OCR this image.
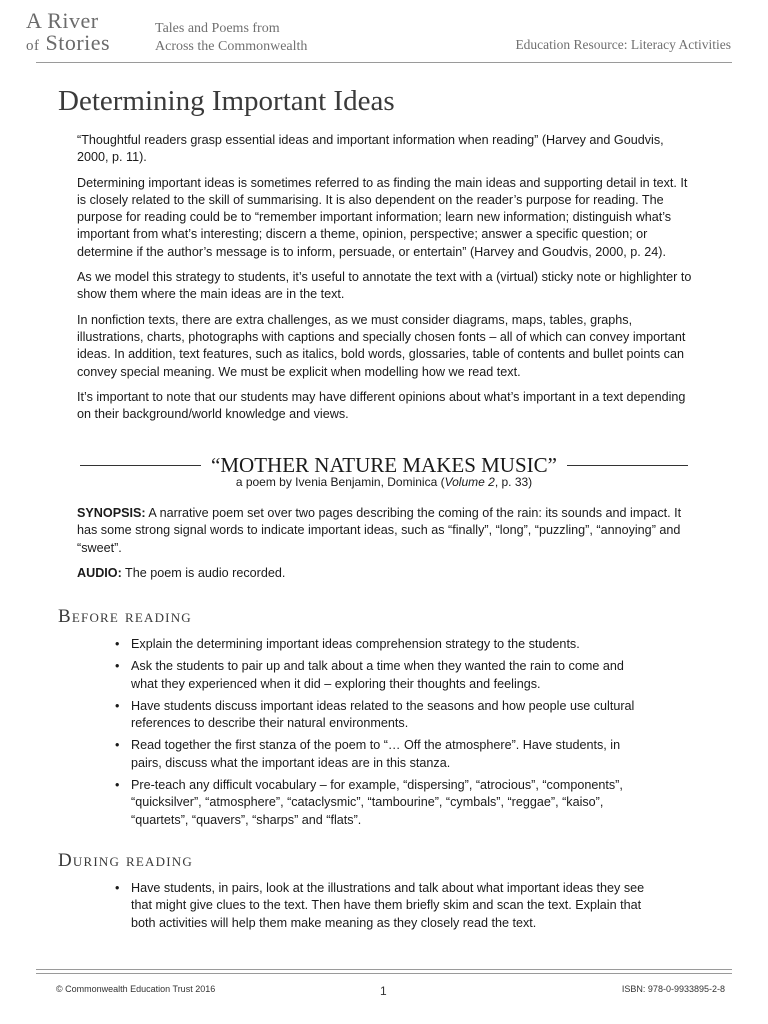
A River
of Stories
Tales and Poems from
Across the Commonwealth	Education Resource: Literacy Activities
Determining Important Ideas

“Thoughtful readers grasp essential ideas and important information when reading” (Harvey and Goudvis, 2000, p. 11).

Determining important ideas is sometimes referred to as finding the main ideas and supporting detail in text. It is closely related to the skill of summarising. It is also dependent on the reader’s purpose for reading. The purpose for reading could be to “remember important information; learn new information; distinguish what’s important from what’s interesting; discern a theme, opinion, perspective; answer a specific question; or determine if the author’s message is to inform, persuade, or entertain” (Harvey and Goudvis, 2000, p. 24).

As we model this strategy to students, it’s useful to annotate the text with a (virtual) sticky note or highlighter to show them where the main ideas are in the text.

In nonfiction texts, there are extra challenges, as we must consider diagrams, maps, tables, graphs, illustrations, charts, photographs with captions and specially chosen fonts – all of which can convey important ideas. In addition, text features, such as italics, bold words, glossaries, table of contents and bullet points can convey special meaning. We must be explicit when modelling how we read text.

It’s important to note that our students may have different opinions about what’s important in a text depending on their background/world knowledge and views.

“MOTHER NATURE MAKES MUSIC”
a poem by Ivenia Benjamin, Dominica (Volume 2, p. 33)

SYNOPSIS: A narrative poem set over two pages describing the coming of the rain: its sounds and impact. It has some strong signal words to indicate important ideas, such as “finally”, “long”, “puzzling”, “annoying” and “sweet”.

AUDIO: The poem is audio recorded.

Before reading
• Explain the determining important ideas comprehension strategy to the students.
• Ask the students to pair up and talk about a time when they wanted the rain to come and what they experienced when it did – exploring their thoughts and feelings.
• Have students discuss important ideas related to the seasons and how people use cultural references to describe their natural environments.
• Read together the first stanza of the poem to “… Off the atmosphere”. Have students, in pairs, discuss what the important ideas are in this stanza.
• Pre-teach any difficult vocabulary – for example, “dispersing”, “atrocious”, “components”, “quicksilver”, “atmosphere”, “cataclysmic”, “tambourine”, “cymbals”, “reggae”, “kaiso”, “quartets”, “quavers”, “sharps” and “flats”.
During reading
• Have students, in pairs, look at the illustrations and talk about what important ideas they see that might give clues to the text. Then have them briefly skim and scan the text. Explain that both activities will help them make meaning as they closely read the text.
© Commonwealth Education Trust 2016	1	ISBN: 978-0-9933895-2-8
